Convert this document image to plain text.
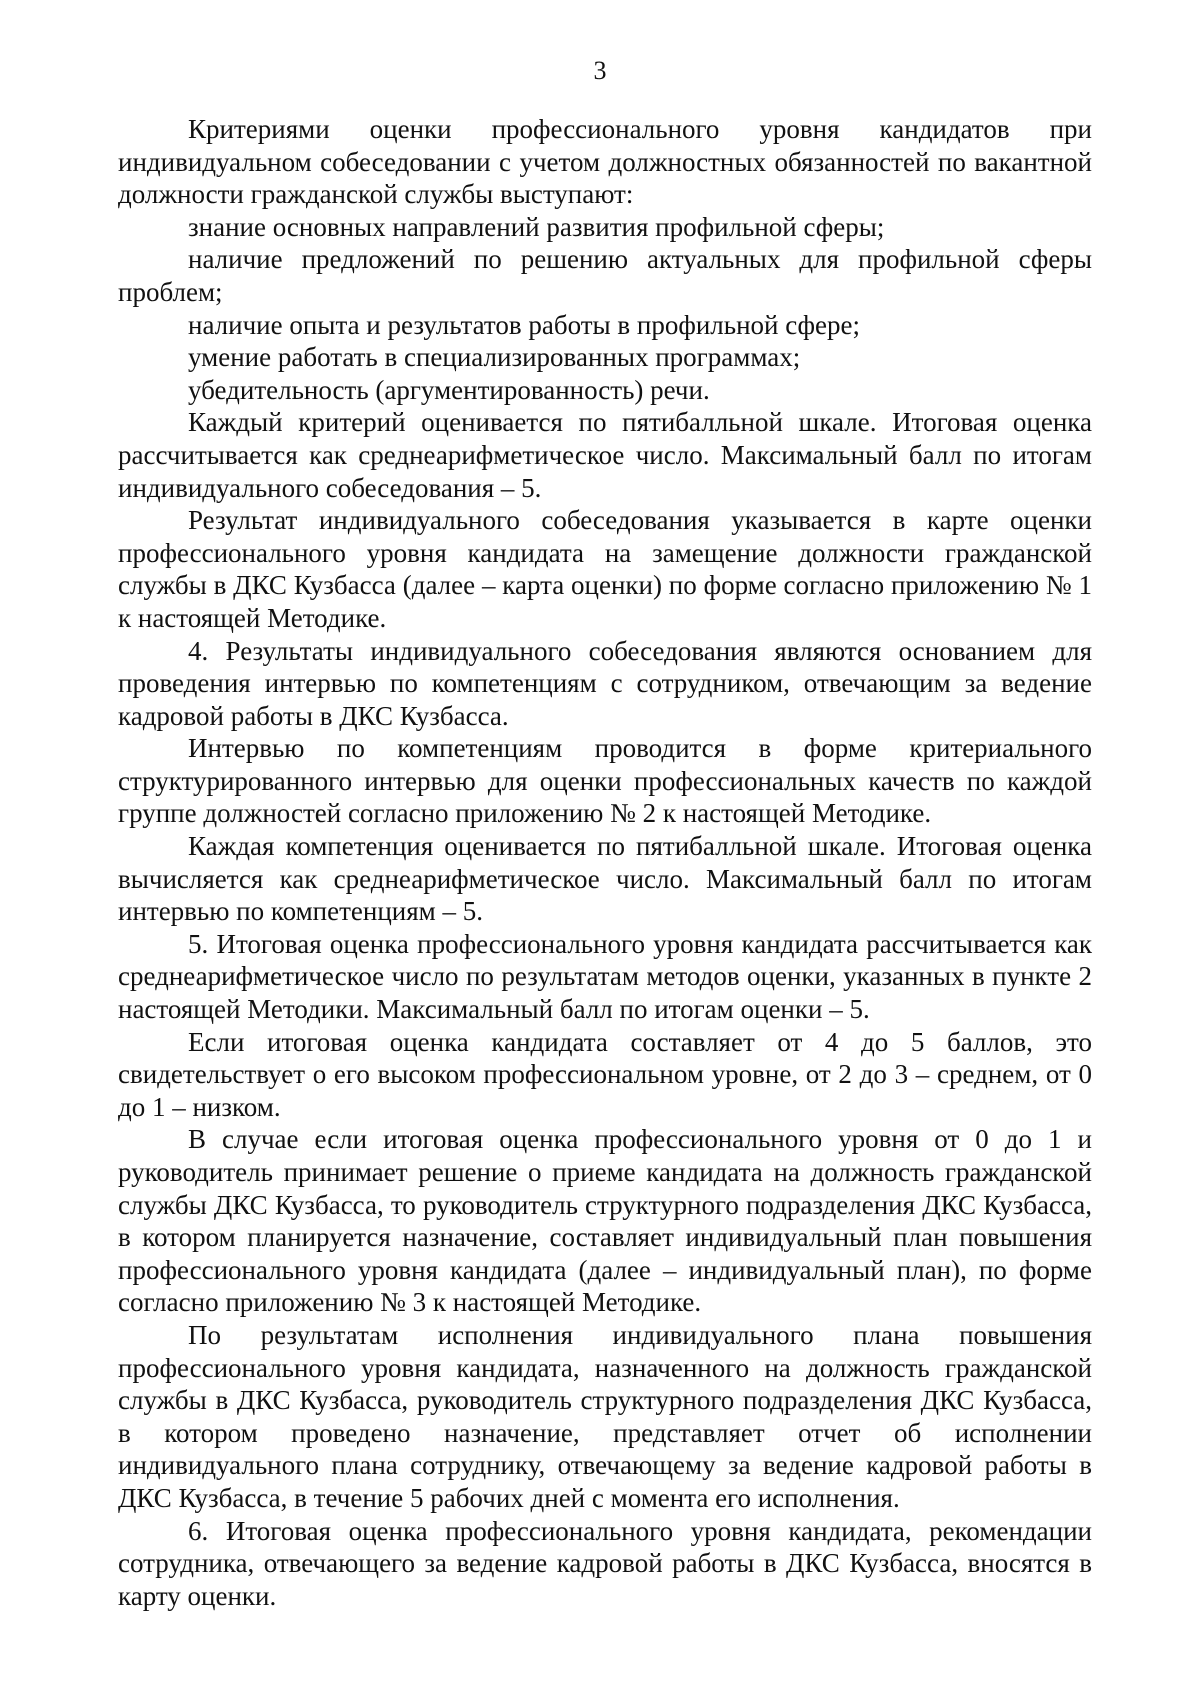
3

Критериями оценки профессионального уровня кандидатов при индивидуальном собеседовании с учетом должностных обязанностей по вакантной должности гражданской службы выступают:

знание основных направлений развития профильной сферы;

наличие предложений по решению актуальных для профильной сферы проблем;

наличие опыта и результатов работы в профильной сфере;

умение работать в специализированных программах;

убедительность (аргументированность) речи.

Каждый критерий оценивается по пятибалльной шкале. Итоговая оценка рассчитывается как среднеарифметическое число. Максимальный балл по итогам индивидуального собеседования – 5.

Результат индивидуального собеседования указывается в карте оценки профессионального уровня кандидата на замещение должности гражданской службы в ДКС Кузбасса (далее – карта оценки) по форме согласно приложению № 1 к настоящей Методике.

4. Результаты индивидуального собеседования являются основанием для проведения интервью по компетенциям с сотрудником, отвечающим за ведение кадровой работы в ДКС Кузбасса.

Интервью по компетенциям проводится в форме критериального структурированного интервью для оценки профессиональных качеств по каждой группе должностей согласно приложению № 2 к настоящей Методике.

Каждая компетенция оценивается по пятибалльной шкале. Итоговая оценка вычисляется как среднеарифметическое число. Максимальный балл по итогам интервью по компетенциям – 5.

5. Итоговая оценка профессионального уровня кандидата рассчитывается как среднеарифметическое число по результатам методов оценки, указанных в пункте 2 настоящей Методики. Максимальный балл по итогам оценки – 5.

Если итоговая оценка кандидата составляет от 4 до 5 баллов, это свидетельствует о его высоком профессиональном уровне, от 2 до 3 – среднем, от 0 до 1 – низком.

В случае если итоговая оценка профессионального уровня от 0 до 1 и руководитель принимает решение о приеме кандидата на должность гражданской службы ДКС Кузбасса, то руководитель структурного подразделения ДКС Кузбасса, в котором планируется назначение, составляет индивидуальный план повышения профессионального уровня кандидата (далее – индивидуальный план), по форме согласно приложению № 3 к настоящей Методике.

По результатам исполнения индивидуального плана повышения профессионального уровня кандидата, назначенного на должность гражданской службы в ДКС Кузбасса, руководитель структурного подразделения ДКС Кузбасса, в котором проведено назначение, представляет отчет об исполнении индивидуального плана сотруднику, отвечающему за ведение кадровой работы в ДКС Кузбасса, в течение 5 рабочих дней с момента его исполнения.

6. Итоговая оценка профессионального уровня кандидата, рекомендации сотрудника, отвечающего за ведение кадровой работы в ДКС Кузбасса, вносятся в карту оценки.
